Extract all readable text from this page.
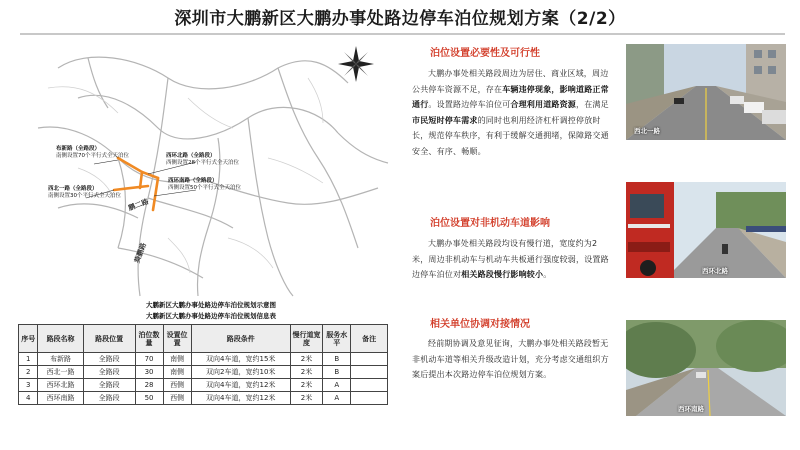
深圳市大鹏新区大鹏办事处路边停车泊位规划方案（2/2）
布新路（全路段）
南侧设置70个平行式全天泊位	西环北路（全路段）
西侧设置28个平行式全天泊位
西环南路（全路段）
西侧设置50个平行式全天泊位
西北一路（全路段）
南侧设置30个平行式全天泊位
鹏二路
葵鹏路
大鹏新区大鹏办事处路边停车泊位规划示意图
大鹏新区大鹏办事处路边停车泊位规划信息表
序号	路段名称	路段位置	泊位数量	设置位置	路段条件	慢行道宽度	服务水平	备注
1	布新路	全路段	70	南侧	双向4车道，宽约15米	2米	B	
2	西北一路	全路段	30	南侧	双向2车道，宽约10米	2米	B	
3	西环北路	全路段	28	西侧	双向4车道，宽约12米	2米	A	
4	西环南路	全路段	50	西侧	双向4车道，宽约12米	2米	A	
泊位设置必要性及可行性
大鹏办事处相关路段周边为居住、商业区域，周边公共停车资源不足，存在车辆违停现象，影响道路正常通行。设置路边停车泊位可合理利用道路资源，在满足市民短时停车需求的同时也利用经济杠杆调控停放时长，规范停车秩序，有利于缓解交通拥堵，保障路交通安全、有序、畅顺。
泊位设置对非机动车道影响
大鹏办事处相关路段均设有慢行道，宽度约为2米，周边非机动车与机动车共板通行强度较弱，设置路边停车泊位对相关路段慢行影响较小。
相关单位协调对接情况
经前期协调及意见征询，大鹏办事处相关路段暂无非机动车道等相关升级改造计划，充分考虑交通组织方案后提出本次路边停车泊位规划方案。
西北一路
西环北路
西环南路
